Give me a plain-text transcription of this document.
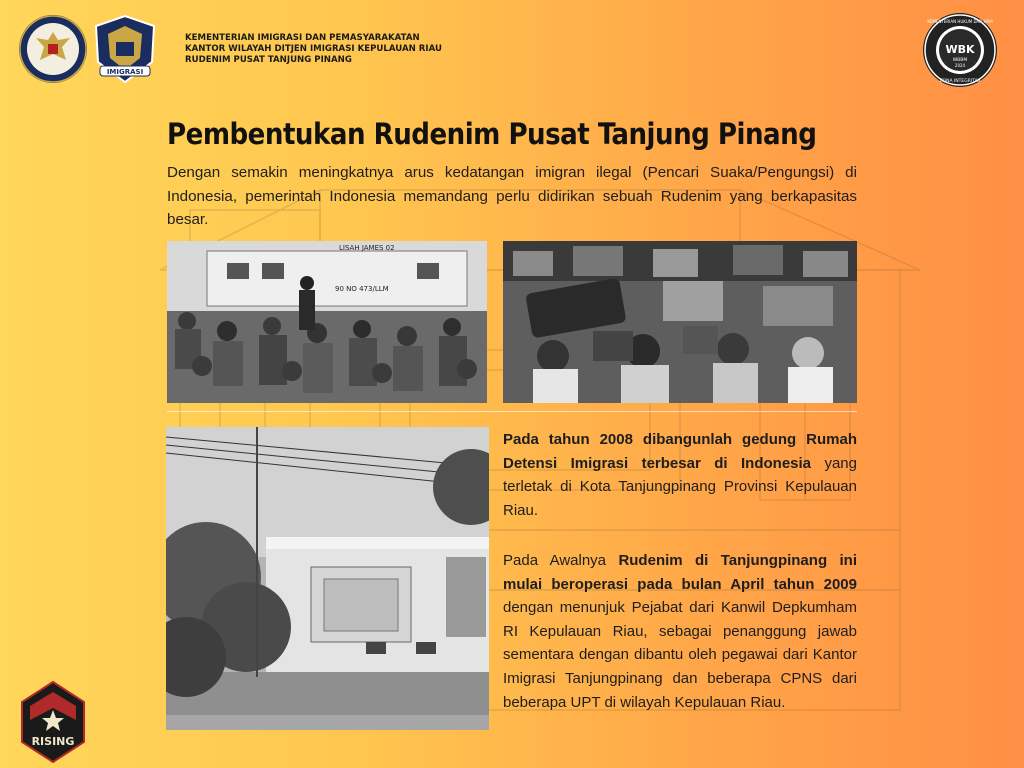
IMIGRASI
KEMENTERIAN IMIGRASI DAN PEMASYARAKATAN
KANTOR WILAYAH DITJEN IMIGRASI KEPULAUAN RIAU
RUDENIM PUSAT TANJUNG PINANG
WBK
WBBM
2024
KEMENTERIAN HUKUM DAN HAM
ZONA INTEGRITAS
Pembentukan Rudenim Pusat Tanjung Pinang
Dengan semakin meningkatnya arus kedatangan imigran ilegal (Pencari Suaka/Pengungsi) di Indonesia, pemerintah Indonesia memandang perlu didirikan sebuah Rudenim yang berkapasitas besar.
LISAH JAMES 02
90 NO 473/LLM
Pada tahun 2008 dibangunlah gedung Rumah Detensi Imigrasi terbesar di Indonesia yang terletak di Kota Tanjungpinang Provinsi Kepulauan Riau.
Pada Awalnya Rudenim di Tanjungpinang ini mulai beroperasi pada bulan April tahun 2009 dengan menunjuk Pejabat dari Kanwil Depkumham RI Kepulauan Riau, sebagai penanggung jawab sementara dengan dibantu oleh pegawai dari Kantor Imigrasi Tanjungpinang dan beberapa CPNS dari beberapa UPT di wilayah Kepulauan Riau.
RISING
